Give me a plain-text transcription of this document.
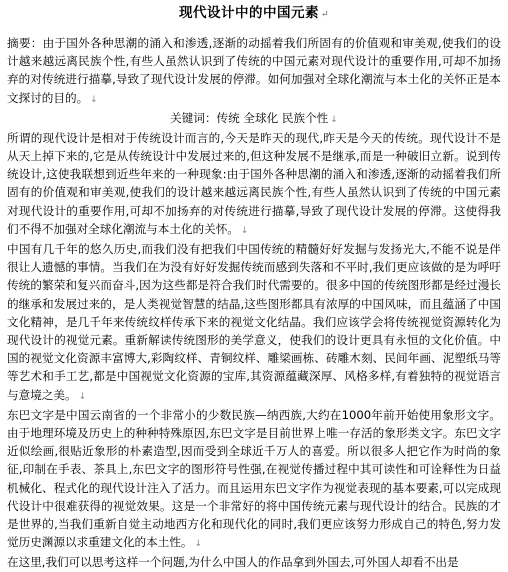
现代设计中的中国元素 ↵

摘要：由于国外各种思潮的涌入和渗透,逐渐的动摇着我们所固有的价值观和审美观,使我们的设计越来越远离民族个性,有些人虽然认识到了传统的中国元素对现代设计的重要作用,可却不加扬弃的对传统进行描摹,导致了现代设计发展的停滞。如何加强对全球化潮流与本土化的关怀正是本文探讨的目的。 ↓

关键词：传统 全球化 民族个性 ↓

所谓的现代设计是相对于传统设计而言的,今天是昨天的现代,昨天是今天的传统。现代设计不是从天上掉下来的,它是从传统设计中发展过来的,但这种发展不是继承,而是一种破旧立新。说到传统设计,这使我联想到近些年来的一种现象:由于国外各种思潮的涌入和渗透,逐渐的动摇着我们所固有的价值观和审美观,使我们的设计越来越远离民族个性,有些人虽然认识到了传统的中国元素对现代设计的重要作用,可却不加扬弃的对传统进行描摹,导致了现代设计发展的停滞。这使得我们不得不加强对全球化潮流与本土化的关怀。 ↓

中国有几千年的悠久历史,而我们没有把我们中国传统的精髓好好发掘与发扬光大,不能不说是伴很让人遗憾的事情。当我们在为没有好好发掘传统而感到失落和不平时,我们更应该做的是为呼吁传统的繁荣和复兴而奋斗,因为这些都是符合我们时代需要的。很多中国的传统图形都是经过漫长的继承和发展过来的，是人类视觉智慧的结晶,这些图形都具有浓厚的中国风味，而且蕴涵了中国文化精神，是几千年来传统纹样传承下来的视觉文化结晶。我们应该学会将传统视觉资源转化为现代设计的视觉元素。重新解读传统图形的美学意义，使我们的设计更具有永恒的文化价值。中国的视觉文化资源丰富博大,彩陶纹样、青铜纹样、雕梁画栋、砖雕木刻、民间年画、泥塑纸马等等艺术和手工艺,都是中国视觉文化资源的宝库,其资源蕴藏深厚、风格多样,有着独特的视觉语言与意境之美。 ↓

东巴文字是中国云南省的一个非常小的少数民族—纳西族,大约在1000年前开始使用象形文字。由于地理环境及历史上的种种特殊原因,东巴文字是目前世界上唯一存活的象形类文字。东巴文字近似绘画,很贴近象形的朴素造型,因而受到全球近千万人的喜爱。所以很多人把它作为时尚的象征,印制在手表、茶具上,东巴文字的图形符号性强,在视觉传播过程中其可读性和可诠释性为日益机械化、程式化的现代设计注入了活力。而且运用东巴文字作为视觉表现的基本要素,可以完成现代设计中很难获得的视觉效果。这是一个非常好的将中国传统元素与现代设计的结合。民族的才是世界的,当我们重新自觉主动地西方化和现代化的同时,我们更应该努力形成自己的特色,努力发觉历史渊源以求重建文化的本土性。 ↓

在这里,我们可以思考这样一个问题,为什么中国人的作品拿到外国去,可外国人却看不出是
